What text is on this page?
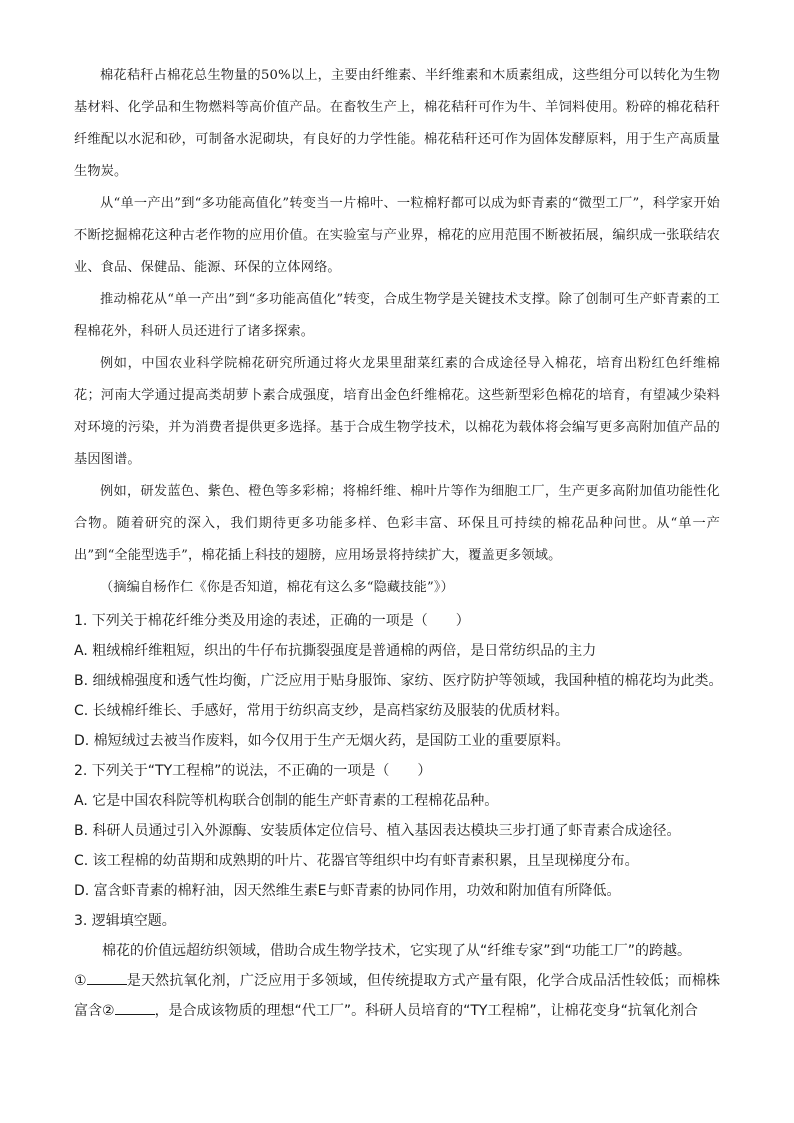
棉花秸秆占棉花总生物量的50%以上，主要由纤维素、半纤维素和木质素组成，这些组分可以转化为生物基材料、化学品和生物燃料等高价值产品。在畜牧生产上，棉花秸秆可作为牛、羊饲料使用。粉碎的棉花秸秆纤维配以水泥和砂，可制备水泥砌块，有良好的力学性能。棉花秸秆还可作为固体发酵原料，用于生产高质量生物炭。

从“单一产出”到“多功能高值化”转变当一片棉叶、一粒棉籽都可以成为虾青素的“微型工厂”，科学家开始不断挖掘棉花这种古老作物的应用价值。在实验室与产业界，棉花的应用范围不断被拓展，编织成一张联结农业、食品、保健品、能源、环保的立体网络。

推动棉花从“单一产出”到“多功能高值化”转变，合成生物学是关键技术支撑。除了创制可生产虾青素的工程棉花外，科研人员还进行了诸多探索。

例如，中国农业科学院棉花研究所通过将火龙果里甜菜红素的合成途径导入棉花，培育出粉红色纤维棉花；河南大学通过提高类胡萝卜素合成强度，培育出金色纤维棉花。这些新型彩色棉花的培育，有望减少染料对环境的污染，并为消费者提供更多选择。基于合成生物学技术，以棉花为载体将会编写更多高附加值产品的基因图谱。

例如，研发蓝色、紫色、橙色等多彩棉；将棉纤维、棉叶片等作为细胞工厂，生产更多高附加值功能性化合物。随着研究的深入，我们期待更多功能多样、色彩丰富、环保且可持续的棉花品种问世。从“单一产出”到“全能型选手”，棉花插上科技的翅膀，应用场景将持续扩大，覆盖更多领域。

（摘编自杨作仁《你是否知道，棉花有这么多“隐藏技能”》）

1. 下列关于棉花纤维分类及用途的表述，正确的一项是（　　）

A. 粗绒棉纤维粗短，织出的牛仔布抗撕裂强度是普通棉的两倍，是日常纺织品的主力

B. 细绒棉强度和透气性均衡，广泛应用于贴身服饰、家纺、医疗防护等领域，我国种植的棉花均为此类。

C. 长绒棉纤维长、手感好，常用于纺织高支纱，是高档家纺及服装的优质材料。

D. 棉短绒过去被当作废料，如今仅用于生产无烟火药，是国防工业的重要原料。

2. 下列关于“TY工程棉”的说法，不正确的一项是（　　）

A. 它是中国农科院等机构联合创制的能生产虾青素的工程棉花品种。

B. 科研人员通过引入外源酶、安装质体定位信号、植入基因表达模块三步打通了虾青素合成途径。

C. 该工程棉的幼苗期和成熟期的叶片、花器官等组织中均有虾青素积累，且呈现梯度分布。

D. 富含虾青素的棉籽油，因天然维生素E与虾青素的协同作用，功效和附加值有所降低。

3. 逻辑填空题。

棉花的价值远超纺织领域，借助合成生物学技术，它实现了从“纤维专家”到“功能工厂”的跨越。

①	是天然抗氧化剂，广泛应用于多领域，但传统提取方式产量有限，化学合成品活性较低；而棉株富含②	，是合成该物质的理想“代工厂”。科研人员培育的“TY工程棉”，让棉花变身“抗氧化剂合
